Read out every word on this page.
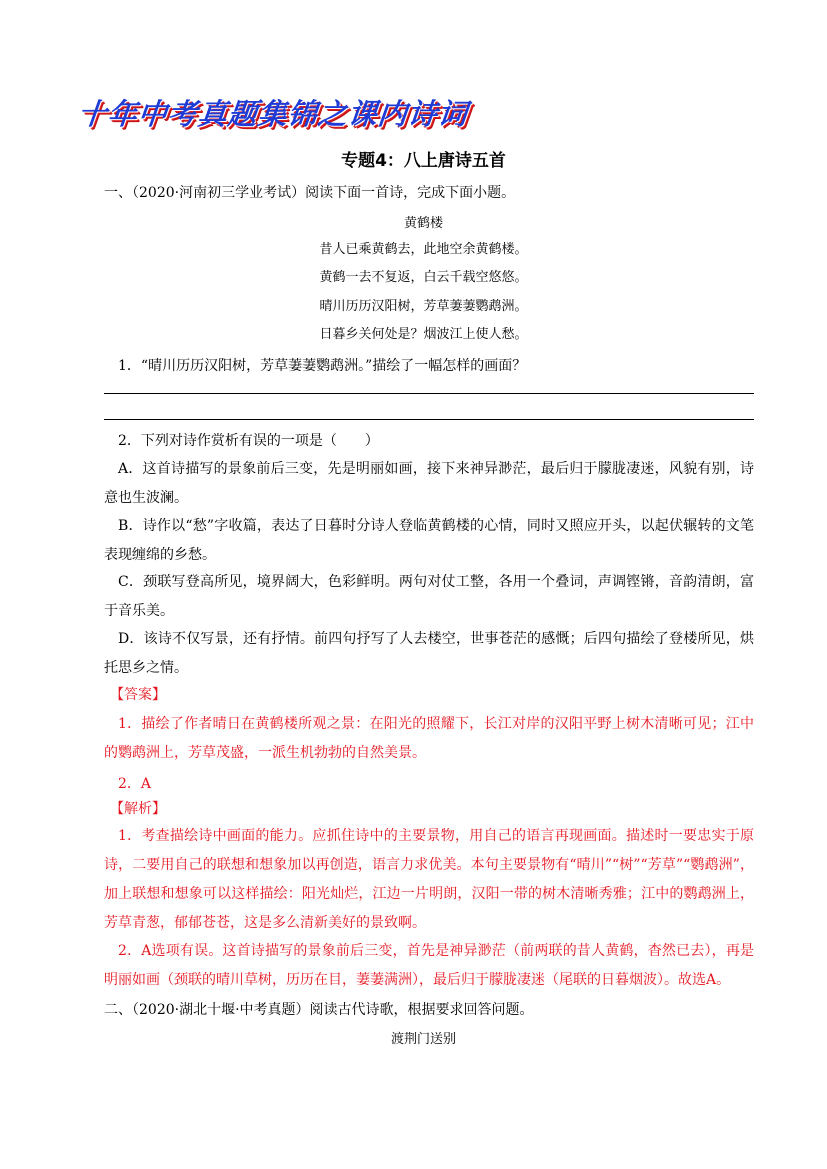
十年中考真题集锦之课内诗词
专题4：八上唐诗五首
一、（2020·河南初三学业考试）阅读下面一首诗，完成下面小题。
黄鹤楼
昔人已乘黄鹤去，此地空余黄鹤楼。
黄鹤一去不复返，白云千载空悠悠。
晴川历历汉阳树，芳草萋萋鹦鹉洲。
日暮乡关何处是？烟波江上使人愁。
1．“晴川历历汉阳树，芳草萋萋鹦鹉洲。”描绘了一幅怎样的画面？
2．下列对诗作赏析有误的一项是（　　）
A．这首诗描写的景象前后三变，先是明丽如画，接下来神异渺茫，最后归于朦胧凄迷，风貌有别，诗意也生波澜。
B．诗作以“愁”字收篇，表达了日暮时分诗人登临黄鹤楼的心情，同时又照应开头，以起伏辗转的文笔表现缠绵的乡愁。
C．颈联写登高所见，境界阔大，色彩鲜明。两句对仗工整，各用一个叠词，声调铿锵，音韵清朗，富于音乐美。
D．该诗不仅写景，还有抒情。前四句抒写了人去楼空，世事苍茫的感慨；后四句描绘了登楼所见，烘托思乡之情。
【答案】
1．描绘了作者晴日在黄鹤楼所观之景：在阳光的照耀下，长江对岸的汉阳平野上树木清晰可见；江中的鹦鹉洲上，芳草茂盛，一派生机勃勃的自然美景。
2．A
【解析】
1．考查描绘诗中画面的能力。应抓住诗中的主要景物，用自己的语言再现画面。描述时一要忠实于原诗，二要用自己的联想和想象加以再创造，语言力求优美。本句主要景物有“晴川”“树”“芳草”“鹦鹉洲”，加上联想和想象可以这样描绘：阳光灿烂，江边一片明朗，汉阳一带的树木清晰秀雅；江中的鹦鹉洲上，芳草青葱，郁郁苍苍，这是多么清新美好的景致啊。
2．A选项有误。这首诗描写的景象前后三变，首先是神异渺茫（前两联的昔人黄鹤，杳然已去），再是明丽如画（颈联的晴川草树，历历在目，萋萋满洲），最后归于朦胧凄迷（尾联的日暮烟波）。故选A。
二、（2020·湖北十堰·中考真题）阅读古代诗歌，根据要求回答问题。
渡荆门送别
